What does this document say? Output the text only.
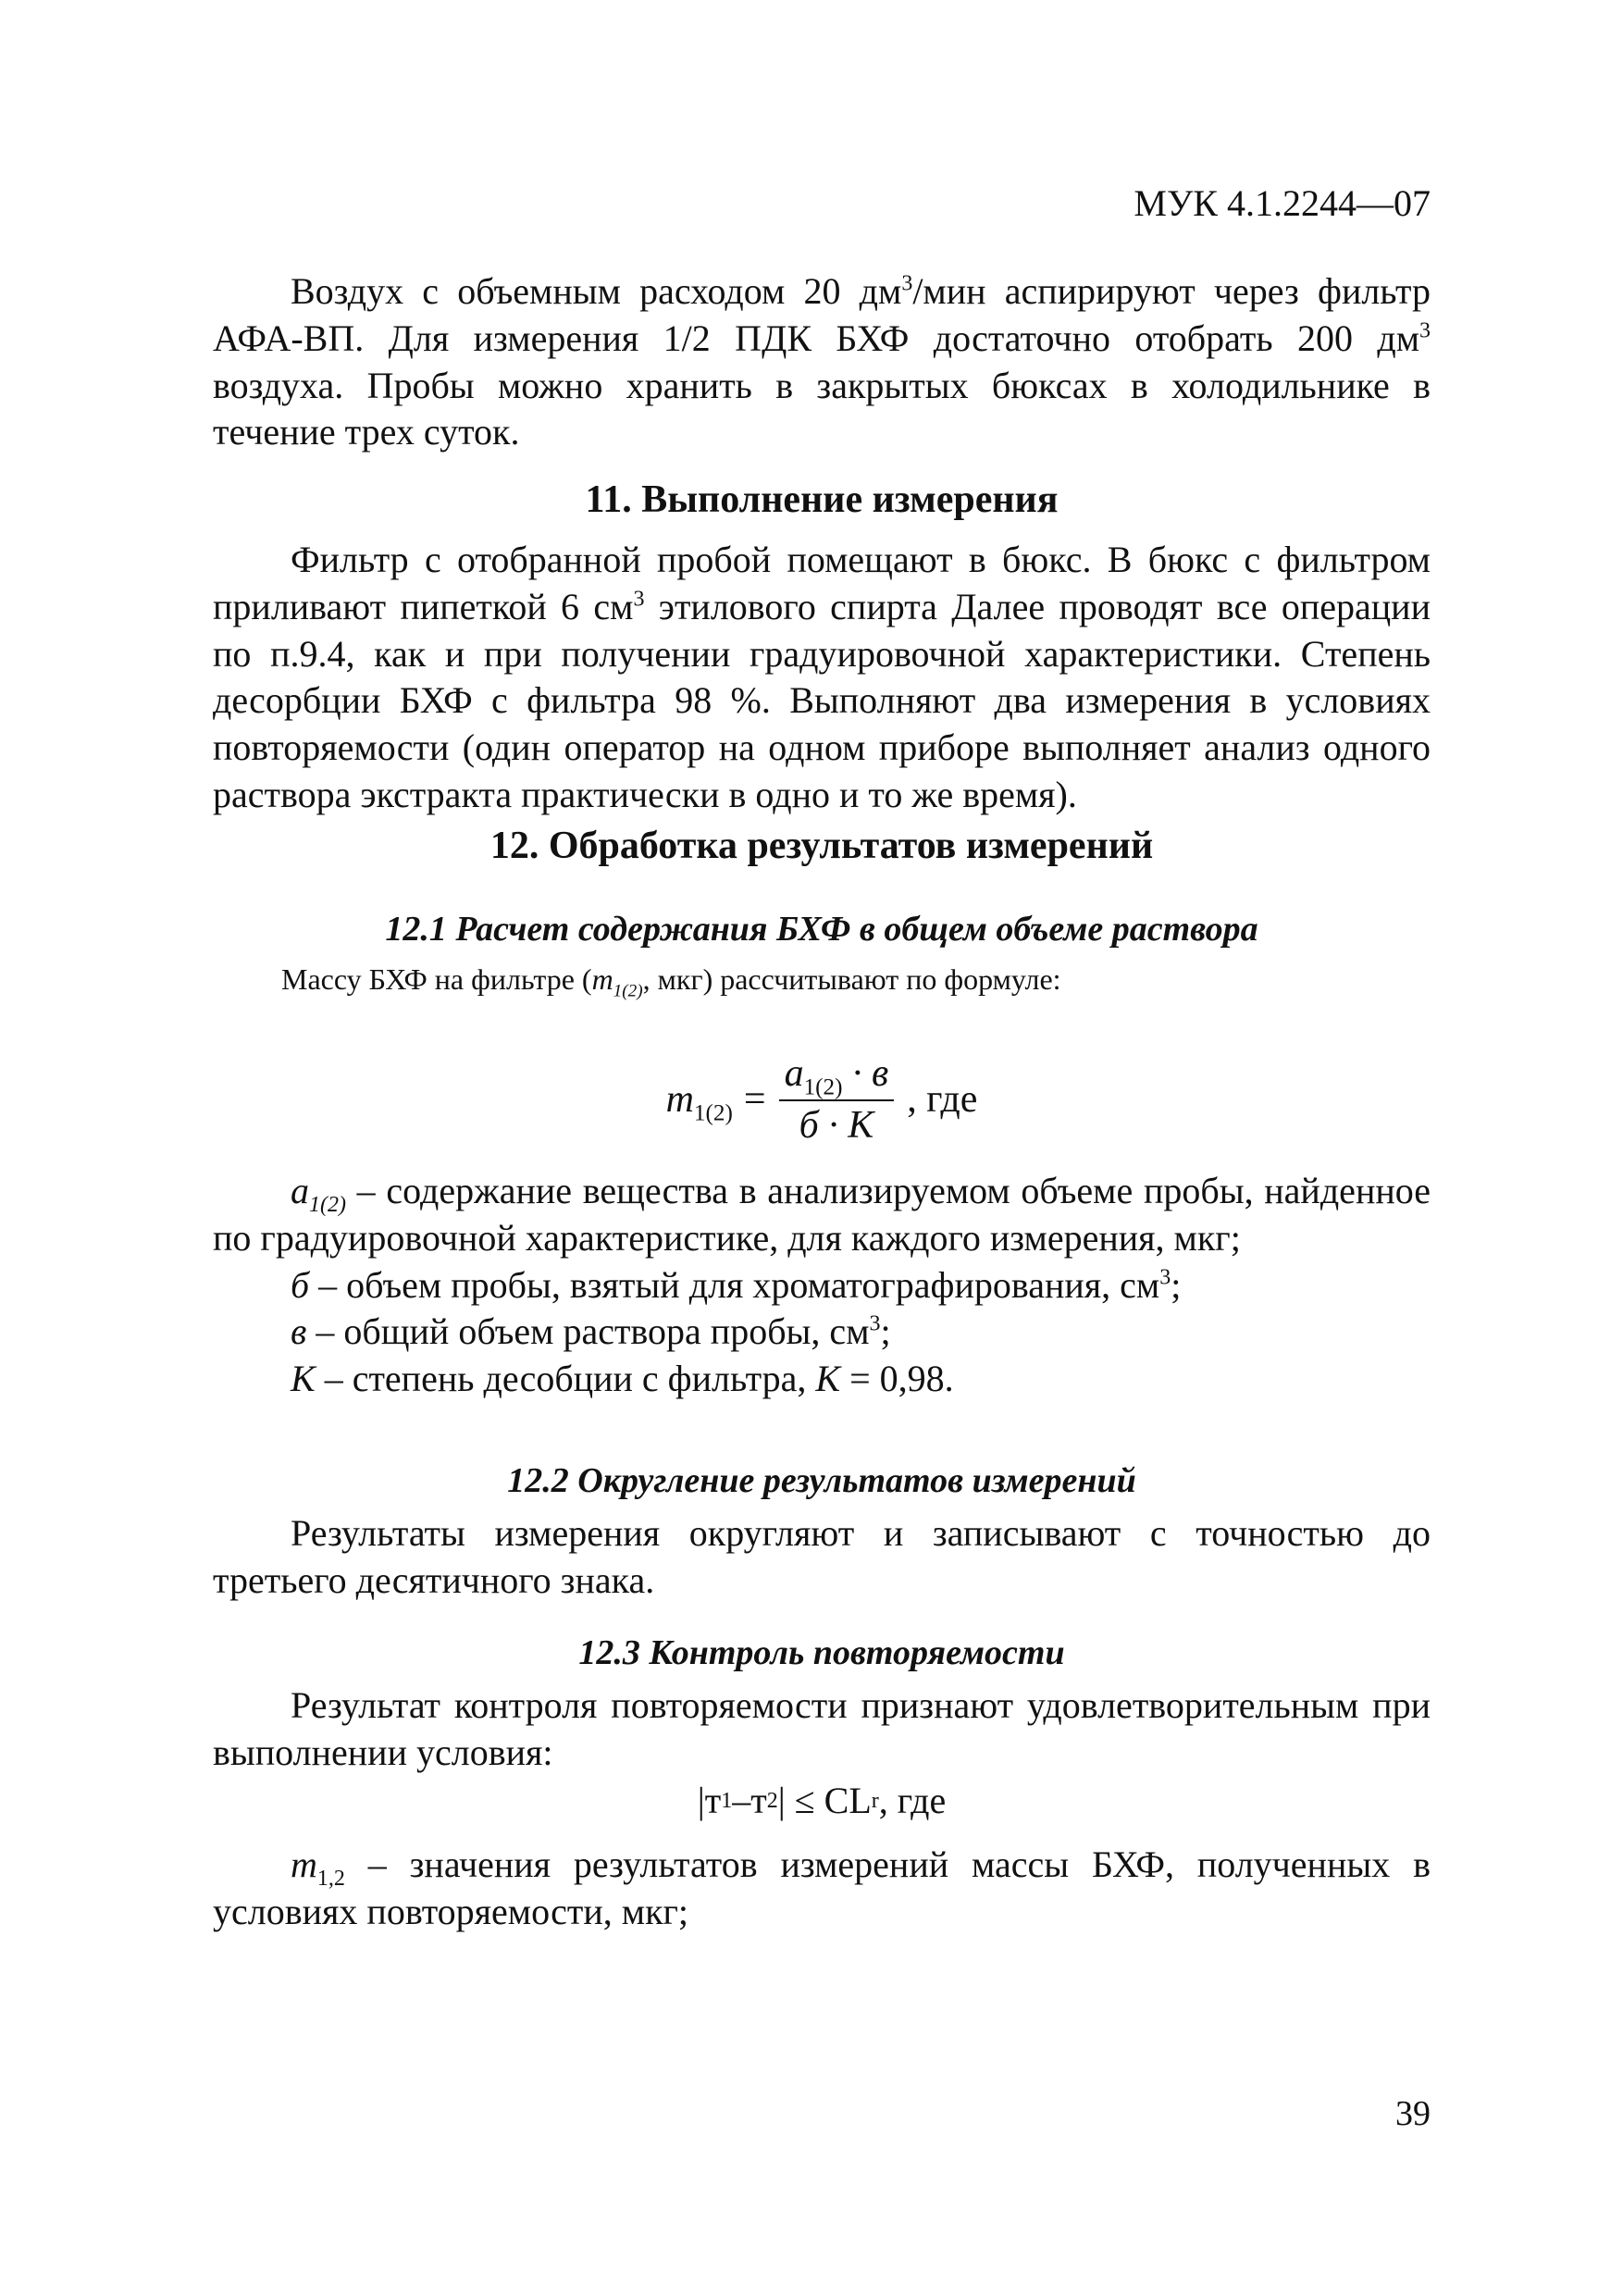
МУК 4.1.2244—07

Воздух с объемным расходом 20 $дм^3$/мин аспирируют через фильтр АФА-ВП. Для измерения 1/2 ПДК БХФ достаточно отобрать 200 $дм^3$ воздуха. Пробы можно хранить в закрытых бюксах в холодильнике в течение трех суток.

11. Выполнение измерения

Фильтр с отобранной пробой помещают в бюкс. В бюкс с фильтром приливают пипеткой 6 $см^3$ этилового спирта Далее проводят все операции по п.9.4, как и при получении градуировочной характеристики. Степень десорбции БХФ с фильтра 98 %. Выполняют два измерения в условиях повторяемости (один оператор на одном приборе выполняет анализ одного раствора экстракта практически в одно и то же время).

12. Обработка результатов измерений
12.1 Расчет содержания БХФ в общем объеме раствора

Массу БХФ на фильтре ($m_{1(2)}$, мкг) рассчитывают по формуле:

$m_{1(2)} = \frac{a_{1(2)} \cdot в}{б \cdot K}$ , где

$a_{1(2)}$ – содержание вещества в анализируемом объеме пробы, найденное по градуировочной характеристике, для каждого измерения, мкг;

б – объем пробы, взятый для хроматографирования, $см^3$;

в – общий объем раствора пробы, $см^3$;

K – степень десобции с фильтра, K = 0,98.

12.2 Округление результатов измерений

Результаты измерения округляют и записывают с точностью до третьего десятичного знака.

12.3 Контроль повторяемости

Результат контроля повторяемости признают удовлетворительным при выполнении условия:

|т 1 –т 2 | ≤ CL r , где

$m_{1,2}$ – значения результатов измерений массы БХФ, полученных в условиях повторяемости, мкг;

39
